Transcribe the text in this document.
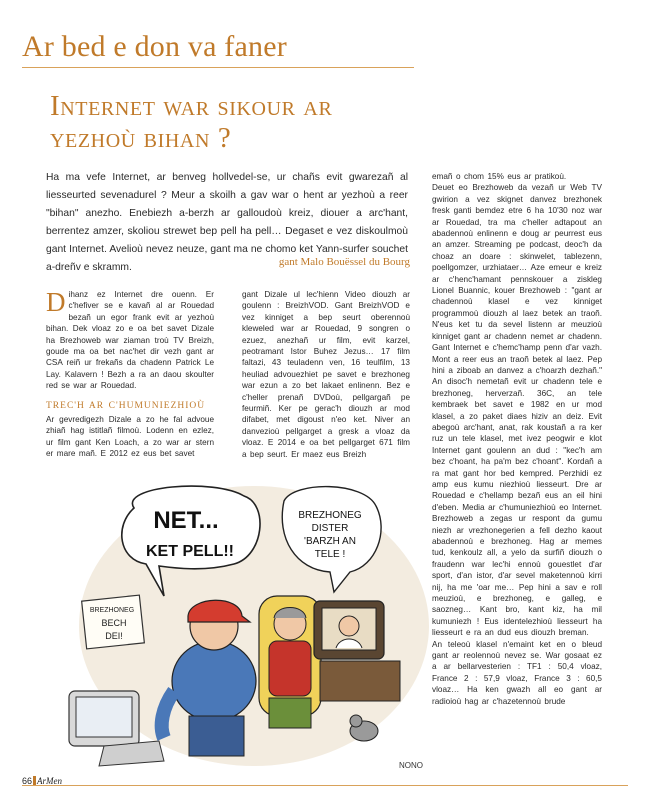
Ar bed e don va faner
Internet war sikour ar yezhoù bihan ?
Ha ma vefe Internet, ar benveg hollvedel-se, ur chañs evit gwarezañ al liesseurted sevenadurel ? Meur a skoilh a gav war o hent ar yezhoù a reer "bihan" anezho. Enebiezh a-berzh ar galloudoù kreiz, diouer a arc'hant, berrentez amzer, skoliou strewet bep pell ha pell… Degaset e vez diskoulmoù gant Internet. Avelioù nevez neuze, gant ma ne chomo ket Yann-surfer souchet a-dreñv e skramm.	gant Malo Bouëssel du Bourg

Dihanz ez Internet dre ouenn. Er c'hefiver se e kavañ al ar Rouedad bezañ un egor frank evit ar yezhoù bihan. Dek vloaz zo e oa bet savet Dizale ha Brezhoweb war ziaman troù TV Breizh, goude ma oa bet nac'het dir vezh gant ar CSA reiñ ur frekañs da chadenn Patrick Le Lay. Kalavern ! Bezh a ra an daou skoulter red se war ar Rouedad.

TREC'H AR C'HUMUNIEZHIOÙ

Ar gevredigezh Dizale a zo he fal advoue zhiañ hag istitlañ filmoù. Lodenn en ezlez, ur film gant Ken Loach, a zo war ar stern er mare mañ. E 2012 ez eus bet savet

gant Dizale ul lec'hienn Video diouzh ar goulenn : BreizhVOD. Gant BreizhVOD e vez kinniget a bep seurt oberennoù kleweled war ar Rouedad, 9 songren o ezuez, anezhañ ur film, evit karzel, peotramant Istor Buhez Jezus… 17 film faltazi, 43 teuladenn ven, 16 teulfilm, 13 heuliad advouezhiet pe savet e brezhoneg war ezun a zo bet lakaet enlinenn. Bez e c'heller prenañ DVDoù, pellgargañ pe feurmiñ. Ker pe gerac'h diouzh ar mod difabet, met digoust n'eo ket. Niver an danvezioù pellgarget a gresk a vloaz da vloaz. E 2014 e oa bet pellgarget 671 film a bep seurt. Er maez eus Breizh

emañ o chom 15% eus ar pratikoù.

Deuet eo Brezhoweb da vezañ ur Web TV gwirion a vez skignet danvez brezhonek fresk ganti bemdez etre 6 ha 10'30 noz war ar Rouedad, tra ma c'heller adtapout an abadennoù enlinenn e doug ar peurrest eus an amzer. Streaming pe podcast, deoc'h da choaz an doare : skinwelet, tablezenn, poellgomzer, urzhiataer… Aze emeur e kreiz ar c'henc'hamant pennskouer a ziskleg Lionel Buannic, kouer Brezhoweb : "gant ar chadennoù klasel e vez kinniget programmoù diouzh al laez betek an traoñ. N'eus ket tu da sevel listenn ar meuzioù kinniget gant ar chadenn nemet ar chadenn. Gant Internet e c'hemc'hamp penn d'ar vazh. Mont a reer eus an traoñ betek al laez. Pep hini a ziboab an danvez a c'hoarzh dezhañ." An disoc'h nemetañ evit ur chadenn tele e brezhoneg, herverzañ. 36C, an tele kembraek bet savet e 1982 en ur mod klasel, a zo paket diaes hiziv an deiz. Evit abegoù arc'hant, anat, rak koustañ a ra ker ruz un tele klasel, met ivez peogwir e klot Internet gant goulenn an dud : "kec'h am bez c'hoant, ha pa'm bez c'hoant". Kordañ a ra mat gant hor bed kempred. Perzhidi ez amp eus kumu niezhioù liesseurt. Dre ar Rouedad e c'hellamp bezañ eus an eil hini d'eben. Media ar c'humuniezhioù eo Internet. Brezhoweb a zegas ur respont da gumu niezh ar vrezhonegerien a fell dezho kaout abadennoù e brezhoneg. Hag ar memes tud, kenkoulz all, a yelo da surfiñ diouzh o fraudenn war lec'hi ennoù gouestlet d'ar sport, d'an istor, d'ar sevel maketennoù kirri nij, ha me 'oar me… Pep hini a sav e roll meuzioù, e brezhoneg, e galleg, e saozneg… Kant bro, kant kiz, ha mil kumuniezh ! Eus identelezhioù liesseurt ha liesseurt e ra an dud eus diouzh breman.

An teleoù klasel n'emaint ket en o bleud gant ar reolennoù nevez se. War gosaat ez a ar bellarvesterien : TF1 : 50,4 vloaz, France 2 : 57,9 vloaz, France 3 : 60,5 vloaz… Ha ken gwazh all eo gant ar radioioù hag ar c'hazetennoù brude

NET...
KET PELL!!
BREZHONEG
DISTER
'BARZH AN
TELE !
BREZHONEG
BECH
DEI!
NONO
66 ArMen
